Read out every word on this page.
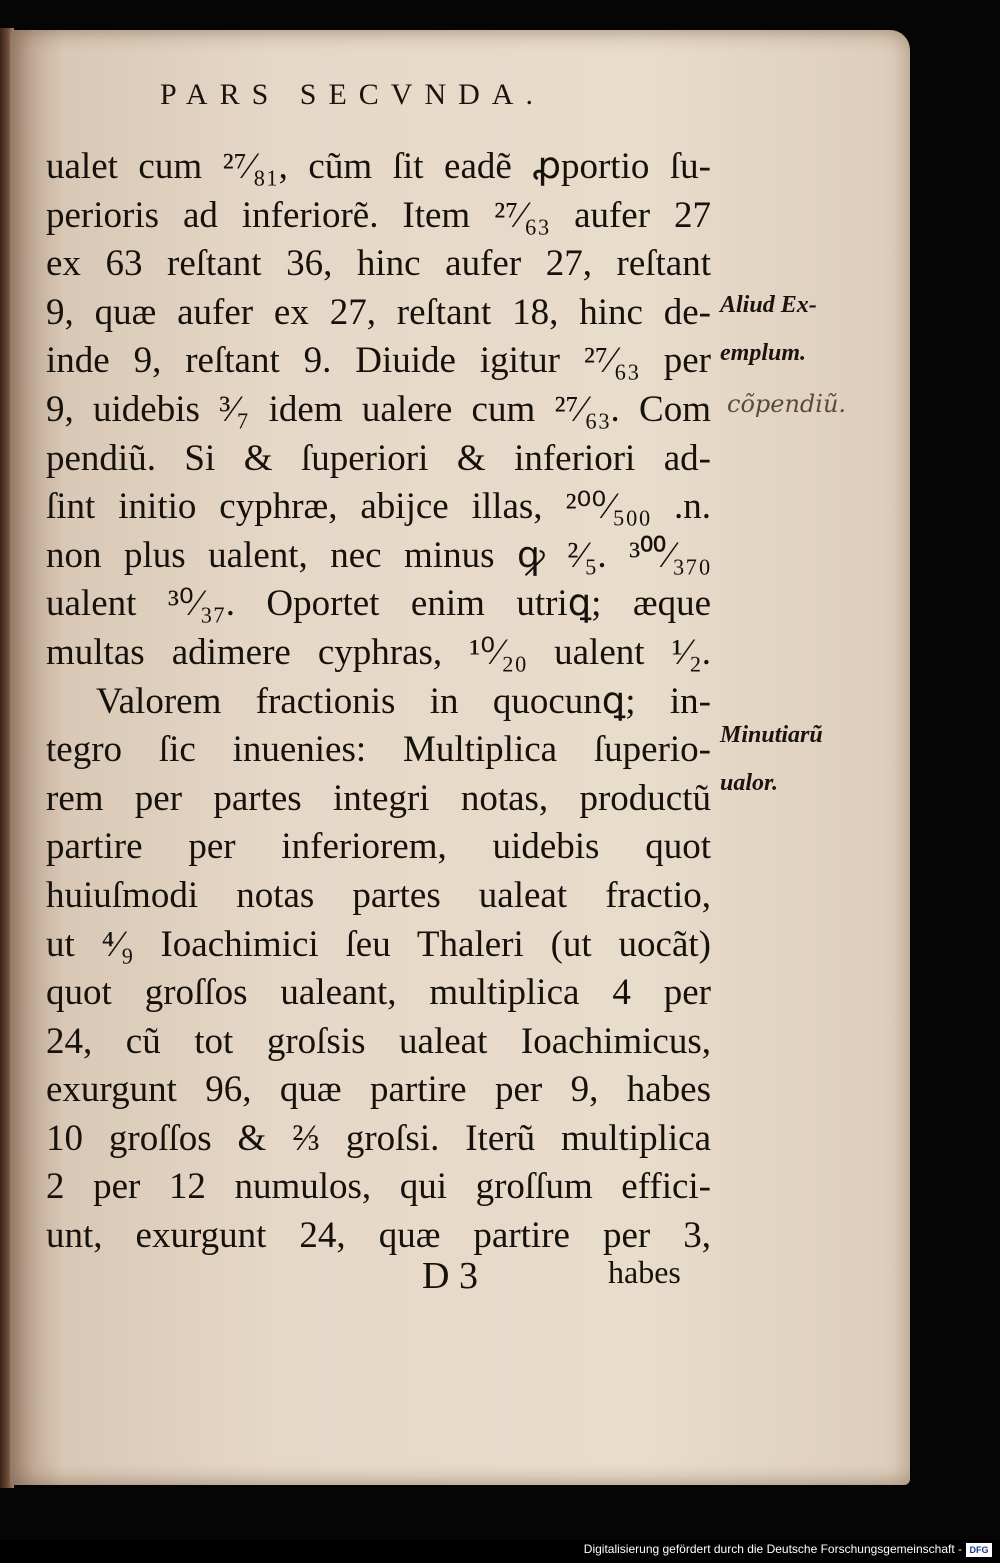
PARS SECVNDA.
ualet cum ²⁷⁄₈₁, cũm ſit eadẽ ꝓportio ſu-
perioris ad inferiorẽ. Item ²⁷⁄₆₃ aufer 27
ex 63 reſtant 36, hinc aufer 27, reſtant
9, quæ aufer ex 27, reſtant 18, hinc de-
inde 9, reſtant 9. Diuide igitur ²⁷⁄₆₃ per
9, uidebis ³⁄₇ idem ualere cum ²⁷⁄₆₃. Com
pendiũ. Si & ſuperiori & inferiori ad-
ſint initio cyphræ, abijce illas, ²⁰⁰⁄₅₀₀ .n.
non plus ualent, nec minus ꝙ ²⁄₅. ³⁰⁰⁄₃₇₀
ualent ³⁰⁄₃₇. Oportet enim utriꝗ; æque
multas adimere cyphras, ¹⁰⁄₂₀ ualent ¹⁄₂.
Valorem fractionis in quocunꝗ; in-
tegro ſic inuenies: Multiplica ſuperio-
rem per partes integri notas, productũ
partire per inferiorem, uidebis quot
huiuſmodi notas partes ualeat fractio,
ut ⁴⁄₉ Ioachimici ſeu Thaleri (ut uocãt)
quot groſſos ualeant, multiplica 4 per
24, cũ tot groſsis ualeat Ioachimicus,
exurgunt 96, quæ partire per 9, habes
10 groſſos & ⅔ groſsi. Iterũ multiplica
2 per 12 numulos, qui groſſum effici-
unt, exurgunt 24, quæ partire per 3,
Aliud Ex-
emplum.
cõpendiũ.
Minutiarũ
ualor.
D 3	habes
Digitalisierung gefördert durch die Deutsche Forschungsgemeinschaft - DFG
